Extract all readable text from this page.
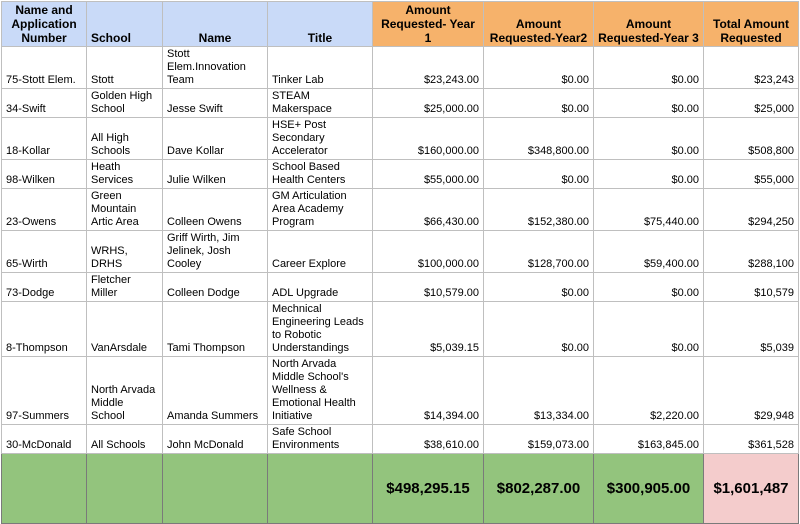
Name and Application Number	School	Name	Title	Amount Requested- Year 1	Amount Requested-Year2	Amount Requested-Year 3	Total Amount Requested
75-Stott Elem.	Stott	Stott Elem.Innovation Team	Tinker Lab	$23,243.00	$0.00	$0.00	$23,243
34-Swift	Golden High School	Jesse Swift	STEAM Makerspace	$25,000.00	$0.00	$0.00	$25,000
18-Kollar	All High Schools	Dave Kollar	HSE+ Post Secondary Accelerator	$160,000.00	$348,800.00	$0.00	$508,800
98-Wilken	Heath Services	Julie Wilken	School Based Health Centers	$55,000.00	$0.00	$0.00	$55,000
23-Owens	Green Mountain Artic Area	Colleen Owens	GM Articulation Area Academy Program	$66,430.00	$152,380.00	$75,440.00	$294,250
65-Wirth	WRHS, DRHS	Griff Wirth, Jim Jelinek, Josh Cooley	Career Explore	$100,000.00	$128,700.00	$59,400.00	$288,100
73-Dodge	Fletcher Miller	Colleen Dodge	ADL Upgrade	$10,579.00	$0.00	$0.00	$10,579
8-Thompson	VanArsdale	Tami Thompson	Mechnical Engineering Leads to Robotic Understandings	$5,039.15	$0.00	$0.00	$5,039
97-Summers	North Arvada Middle School	Amanda Summers	North Arvada Middle School's Wellness & Emotional Health Initiative	$14,394.00	$13,334.00	$2,220.00	$29,948
30-McDonald	All Schools	John McDonald	Safe School Environments	$38,610.00	$159,073.00	$163,845.00	$361,528
				$498,295.15	$802,287.00	$300,905.00	$1,601,487
